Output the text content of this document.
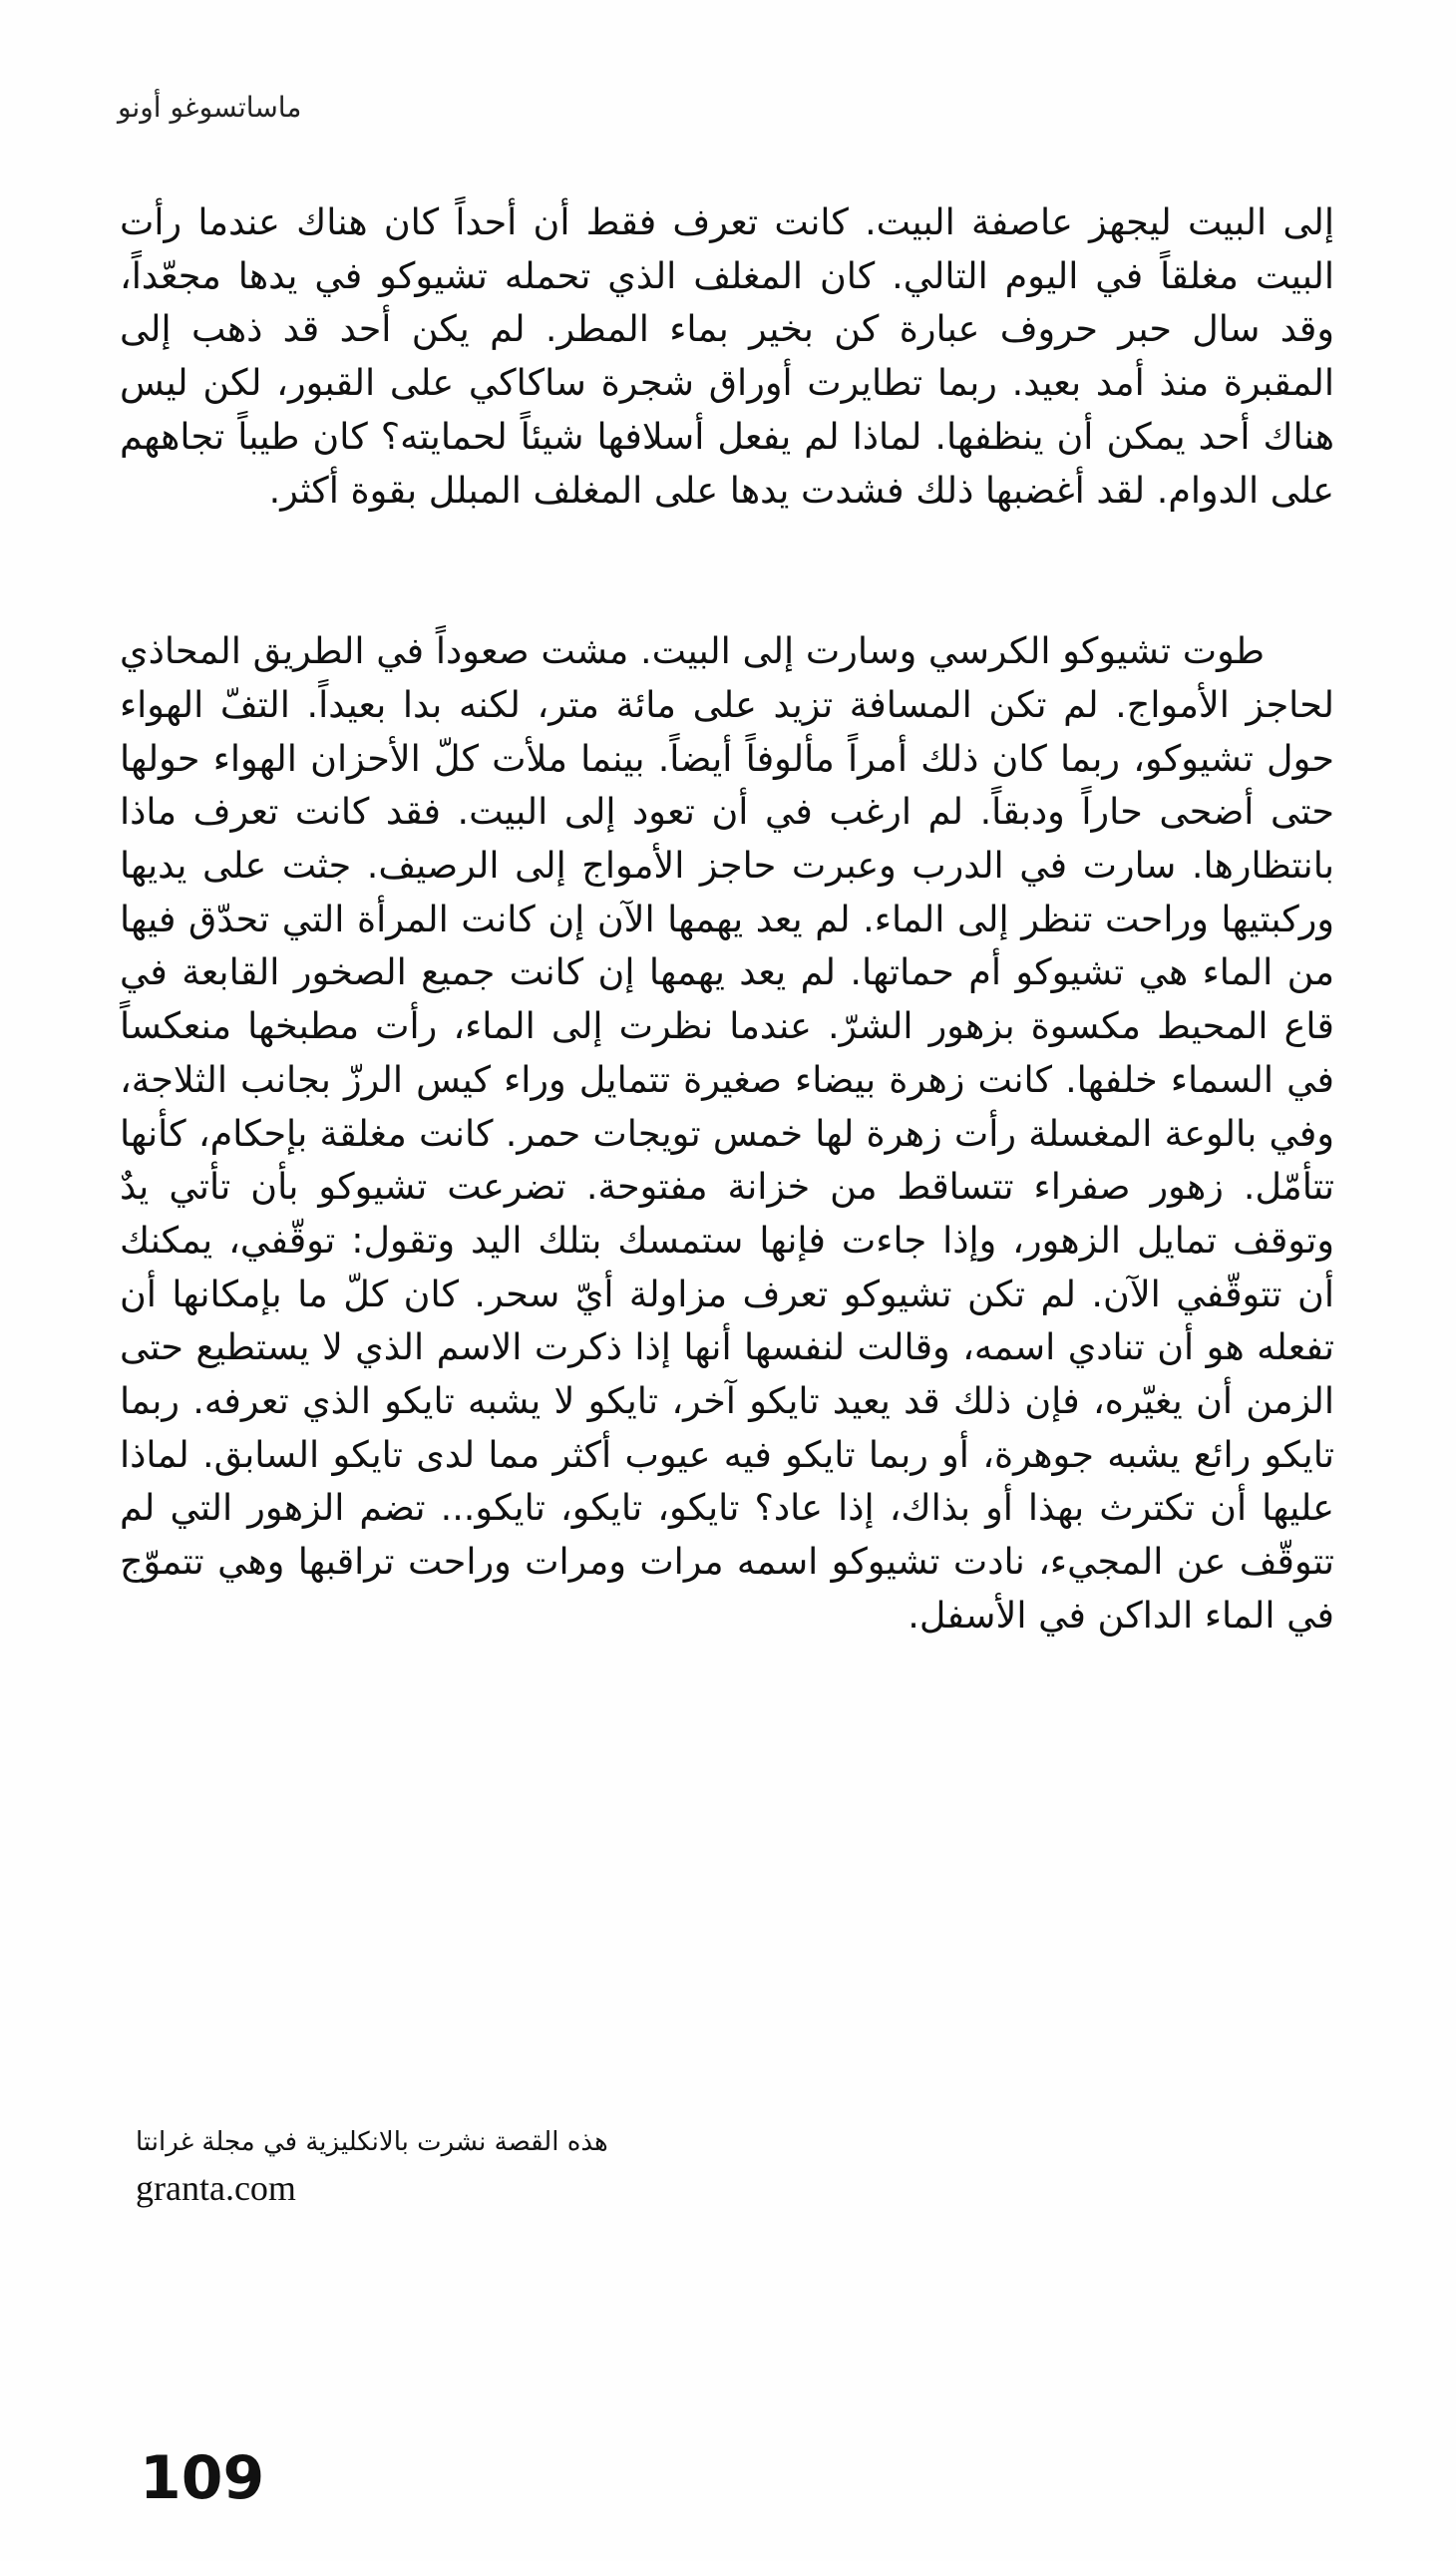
ماساتسوغو أونو

إلى البيت ليجهز عاصفة البيت. كانت تعرف فقط أن أحداً كان هناك عندما رأت البيت مغلقاً في اليوم التالي. كان المغلف الذي تحمله تشيوكو في يدها مجعّداً، وقد سال حبر حروف عبارة كن بخير بماء المطر. لم يكن أحد قد ذهب إلى المقبرة منذ أمد بعيد. ربما تطايرت أوراق شجرة ساكاكي على القبور، لكن ليس هناك أحد يمكن أن ينظفها. لماذا لم يفعل أسلافها شيئاً لحمايته؟ كان طيباً تجاههم على الدوام. لقد أغضبها ذلك فشدت يدها على المغلف المبلل بقوة أكثر.

طوت تشيوكو الكرسي وسارت إلى البيت. مشت صعوداً في الطريق المحاذي لحاجز الأمواج. لم تكن المسافة تزيد على مائة متر، لكنه بدا بعيداً. التفّ الهواء حول تشيوكو، ربما كان ذلك أمراً مألوفاً أيضاً. بينما ملأت كلّ الأحزان الهواء حولها حتى أضحى حاراً ودبقاً. لم ارغب في أن تعود إلى البيت. فقد كانت تعرف ماذا بانتظارها. سارت في الدرب وعبرت حاجز الأمواج إلى الرصيف. جثت على يديها وركبتيها وراحت تنظر إلى الماء. لم يعد يهمها الآن إن كانت المرأة التي تحدّق فيها من الماء هي تشيوكو أم حماتها. لم يعد يهمها إن كانت جميع الصخور القابعة في قاع المحيط مكسوة بزهور الشرّ. عندما نظرت إلى الماء، رأت مطبخها منعكساً في السماء خلفها. كانت زهرة بيضاء صغيرة تتمايل وراء كيس الرزّ بجانب الثلاجة، وفي بالوعة المغسلة رأت زهرة لها خمس تويجات حمر. كانت مغلقة بإحكام، كأنها تتأمّل. زهور صفراء تتساقط من خزانة مفتوحة. تضرعت تشيوكو بأن تأتي يدٌ وتوقف تمايل الزهور، وإذا جاءت فإنها ستمسك بتلك اليد وتقول: توقّفي، يمكنك أن تتوقّفي الآن. لم تكن تشيوكو تعرف مزاولة أيّ سحر. كان كلّ ما بإمكانها أن تفعله هو أن تنادي اسمه، وقالت لنفسها أنها إذا ذكرت الاسم الذي لا يستطيع حتى الزمن أن يغيّره، فإن ذلك قد يعيد تايكو آخر، تايكو لا يشبه تايكو الذي تعرفه. ربما تايكو رائع يشبه جوهرة، أو ربما تايكو فيه عيوب أكثر مما لدى تايكو السابق. لماذا عليها أن تكترث بهذا أو بذاك، إذا عاد؟ تايكو، تايكو، تايكو... تضم الزهور التي لم تتوقّف عن المجيء، نادت تشيوكو اسمه مرات ومرات وراحت تراقبها وهي تتموّج في الماء الداكن في الأسفل.

هذه القصة نشرت بالانكليزية في مجلة غرانتا
granta.com
109
